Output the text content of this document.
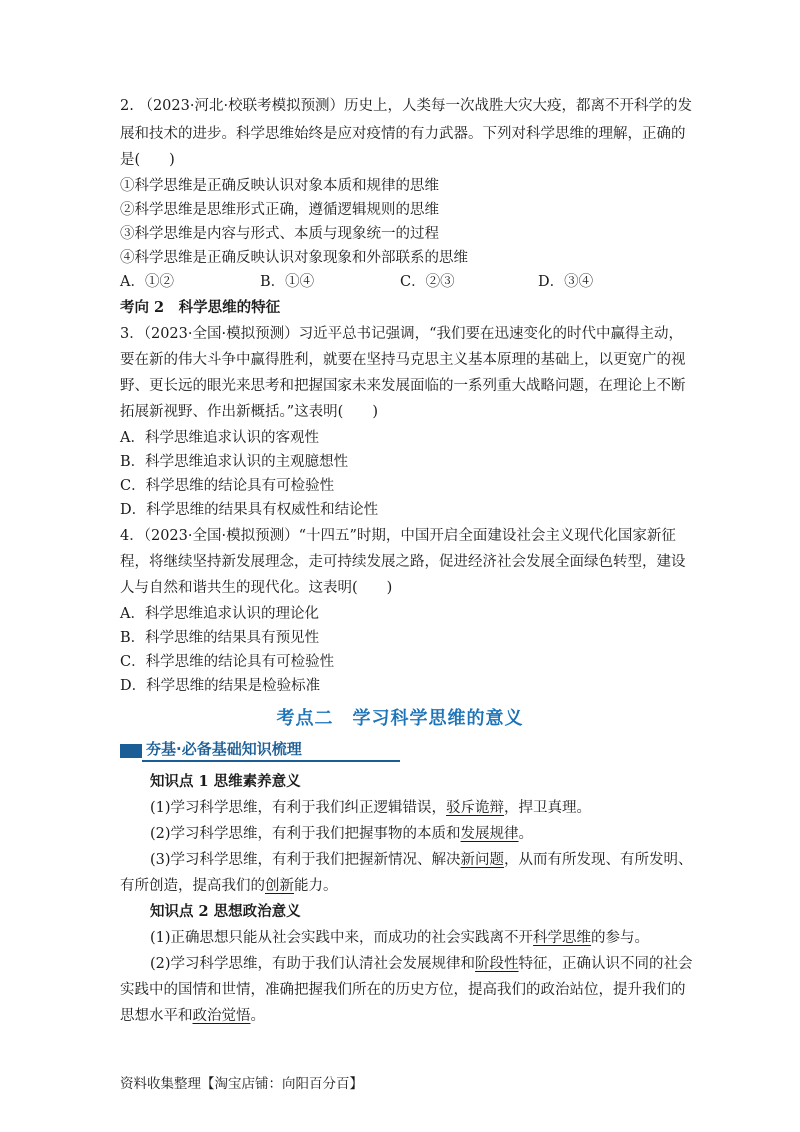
2. （2023·河北·校联考模拟预测）历史上，人类每一次战胜大灾大疫，都离不开科学的发
展和技术的进步。科学思维始终是应对疫情的有力武器。下列对科学思维的理解，正确的
是(　　)
①科学思维是正确反映认识对象本质和规律的思维
②科学思维是思维形式正确，遵循逻辑规则的思维
③科学思维是内容与形式、本质与现象统一的过程
④科学思维是正确反映认识对象现象和外部联系的思维
A．①②	B．①④	C．②③	D．③④
考向 2　科学思维的特征
3．（2023·全国·模拟预测）习近平总书记强调，“我们要在迅速变化的时代中赢得主动，
要在新的伟大斗争中赢得胜利，就要在坚持马克思主义基本原理的基础上，以更宽广的视
野、更长远的眼光来思考和把握国家未来发展面临的一系列重大战略问题，在理论上不断
拓展新视野、作出新概括。”这表明(　　)
A．科学思维追求认识的客观性
B．科学思维追求认识的主观臆想性
C．科学思维的结论具有可检验性
D．科学思维的结果具有权威性和结论性
4．（2023·全国·模拟预测）“十四五”时期，中国开启全面建设社会主义现代化国家新征
程，将继续坚持新发展理念，走可持续发展之路，促进经济社会发展全面绿色转型，建设
人与自然和谐共生的现代化。这表明(　　)
A．科学思维追求认识的理论化
B．科学思维的结果具有预见性
C．科学思维的结论具有可检验性
D．科学思维的结果是检验标准
考点二　学习科学思维的意义
夯基·必备基础知识梳理
知识点 1 思维素养意义
(1)学习科学思维，有利于我们纠正逻辑错误，驳斥诡辩，捍卫真理。
(2)学习科学思维，有利于我们把握事物的本质和发展规律。
(3)学习科学思维，有利于我们把握新情况、解决新问题，从而有所发现、有所发明、
有所创造，提高我们的创新能力。
知识点 2 思想政治意义
(1)正确思想只能从社会实践中来，而成功的社会实践离不开科学思维的参与。
(2)学习科学思维，有助于我们认清社会发展规律和阶段性特征，正确认识不同的社会
实践中的国情和世情，准确把握我们所在的历史方位，提高我们的政治站位，提升我们的
思想水平和政治觉悟。
资料收集整理【淘宝店铺：向阳百分百】
